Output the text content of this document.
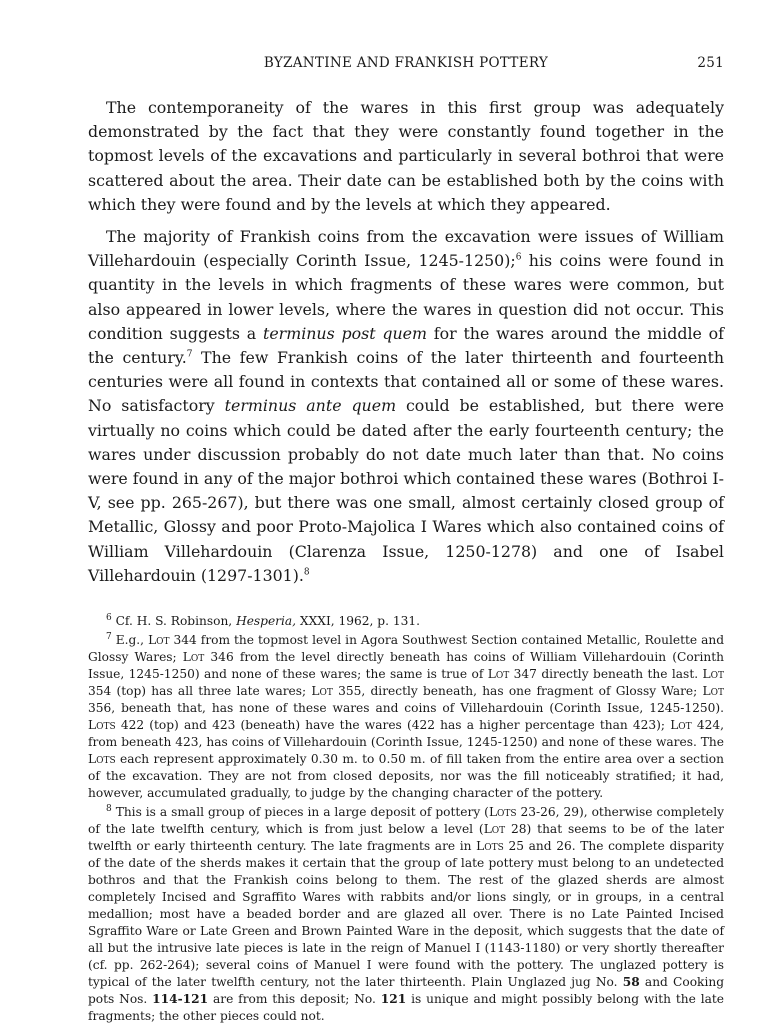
BYZANTINE AND FRANKISH POTTERY	251

The contemporaneity of the wares in this first group was adequately demonstrated by the fact that they were constantly found together in the topmost levels of the excavations and particularly in several bothroi that were scattered about the area. Their date can be established both by the coins with which they were found and by the levels at which they appeared.

The majority of Frankish coins from the excavation were issues of William Villehardouin (especially Corinth Issue, 1245-1250);$^6$ his coins were found in quantity in the levels in which fragments of these wares were common, but also appeared in lower levels, where the wares in question did not occur. This condition suggests a terminus post quem for the wares around the middle of the century.$^7$ The few Frankish coins of the later thirteenth and fourteenth centuries were all found in contexts that contained all or some of these wares. No satisfactory terminus ante quem could be established, but there were virtually no coins which could be dated after the early fourteenth century; the wares under discussion probably do not date much later than that. No coins were found in any of the major bothroi which contained these wares (Bothroi I-V, see pp. 265-267), but there was one small, almost certainly closed group of Metallic, Glossy and poor Proto-Majolica I Wares which also contained coins of William Villehardouin (Clarenza Issue, 1250-1278) and one of Isabel Villehardouin (1297-1301).$^8$

$^6$ Cf. H. S. Robinson, Hesperia, XXXI, 1962, p. 131.

$^7$ E.g., Lot 344 from the topmost level in Agora Southwest Section contained Metallic, Roulette and Glossy Wares; Lot 346 from the level directly beneath has coins of William Villehardouin (Corinth Issue, 1245-1250) and none of these wares; the same is true of Lot 347 directly beneath the last. Lot 354 (top) has all three late wares; Lot 355, directly beneath, has one fragment of Glossy Ware; Lot 356, beneath that, has none of these wares and coins of Villehardouin (Corinth Issue, 1245-1250). Lots 422 (top) and 423 (beneath) have the wares (422 has a higher percentage than 423); Lot 424, from beneath 423, has coins of Villehardouin (Corinth Issue, 1245-1250) and none of these wares. The Lots each represent approximately 0.30 m. to 0.50 m. of fill taken from the entire area over a section of the excavation. They are not from closed deposits, nor was the fill noticeably stratified; it had, however, accumulated gradually, to judge by the changing character of the pottery.

$^8$ This is a small group of pieces in a large deposit of pottery (Lots 23-26, 29), otherwise completely of the late twelfth century, which is from just below a level (Lot 28) that seems to be of the later twelfth or early thirteenth century. The late fragments are in Lots 25 and 26. The complete disparity of the date of the sherds makes it certain that the group of late pottery must belong to an undetected bothros and that the Frankish coins belong to them. The rest of the glazed sherds are almost completely Incised and Sgraffito Wares with rabbits and/or lions singly, or in groups, in a central medallion; most have a beaded border and are glazed all over. There is no Late Painted Incised Sgraffito Ware or Late Green and Brown Painted Ware in the deposit, which suggests that the date of all but the intrusive late pieces is late in the reign of Manuel I (1143-1180) or very shortly thereafter (cf. pp. 262-264); several coins of Manuel I were found with the pottery. The unglazed pottery is typical of the later twelfth century, not the later thirteenth. Plain Unglazed jug No. 58 and Cooking pots Nos. 114-121 are from this deposit; No. 121 is unique and might possibly belong with the late fragments; the other pieces could not.
